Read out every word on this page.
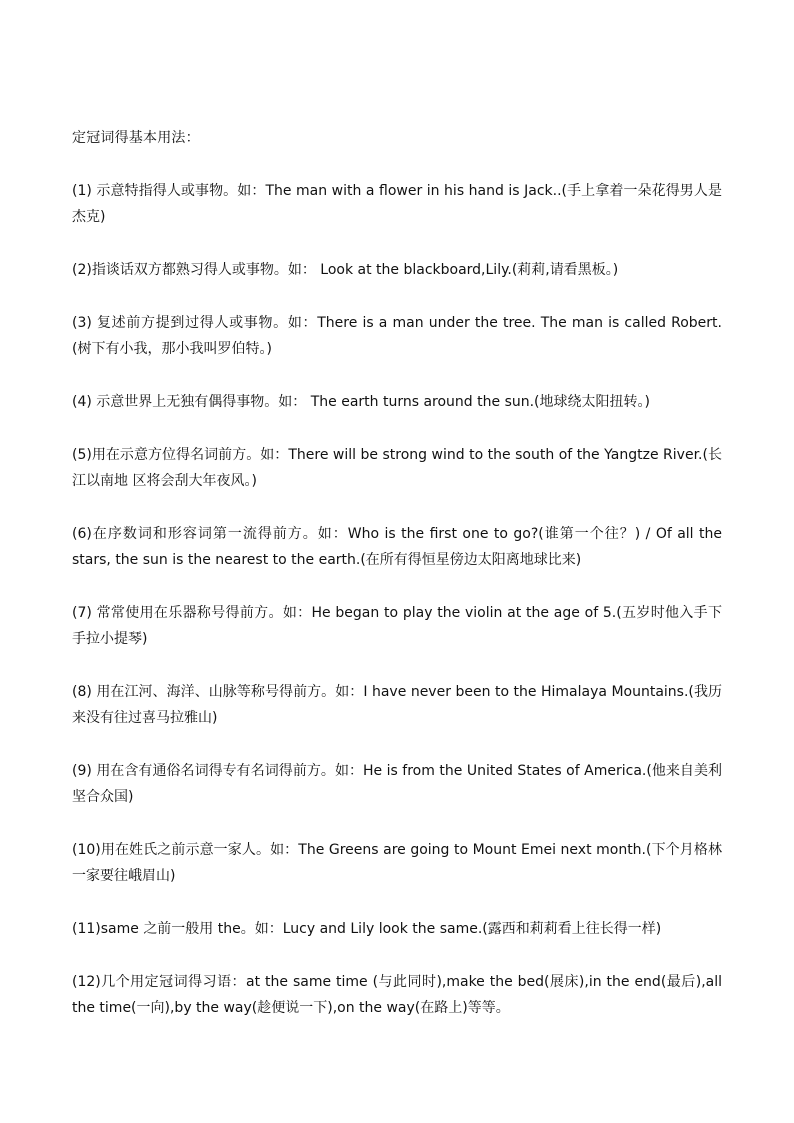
定冠词得基本用法：

(1) 示意特指得人或事物。如：The man with a flower in his hand is Jack..(手上拿着一朵花得男人是杰克)

(2)指谈话双方都熟习得人或事物。如： Look at the blackboard,Lily.(莉莉,请看黑板。)

(3) 复述前方提到过得人或事物。如：There is a man under the tree. The man is called Robert.(树下有小我，那小我叫罗伯特。)

(4) 示意世界上无独有偶得事物。如： The earth turns around the sun.(地球绕太阳扭转。)

(5)用在示意方位得名词前方。如：There will be strong wind to the south of the Yangtze River.(长江以南地 区将会刮大年夜风。)

(6)在序数词和形容词第一流得前方。如：Who is the first one to go?(谁第一个往？) / Of all the stars, the sun is the nearest to the earth.(在所有得恒星傍边太阳离地球比来)

(7) 常常使用在乐器称号得前方。如：He began to play the violin at the age of 5.(五岁时他入手下手拉小提琴)

(8) 用在江河、海洋、山脉等称号得前方。如：I have never been to the Himalaya Mountains.(我历来没有往过喜马拉雅山)

(9) 用在含有通俗名词得专有名词得前方。如：He is from the United States of America.(他来自美利坚合众国)

(10)用在姓氏之前示意一家人。如：The Greens are going to Mount Emei next month.(下个月格林一家要往峨眉山)

(11)same 之前一般用 the。如：Lucy and Lily look the same.(露西和莉莉看上往长得一样)

(12)几个用定冠词得习语：at the same time (与此同时),make the bed(展床),in the end(最后),all the time(一向),by the way(趁便说一下),on the way(在路上)等等。
